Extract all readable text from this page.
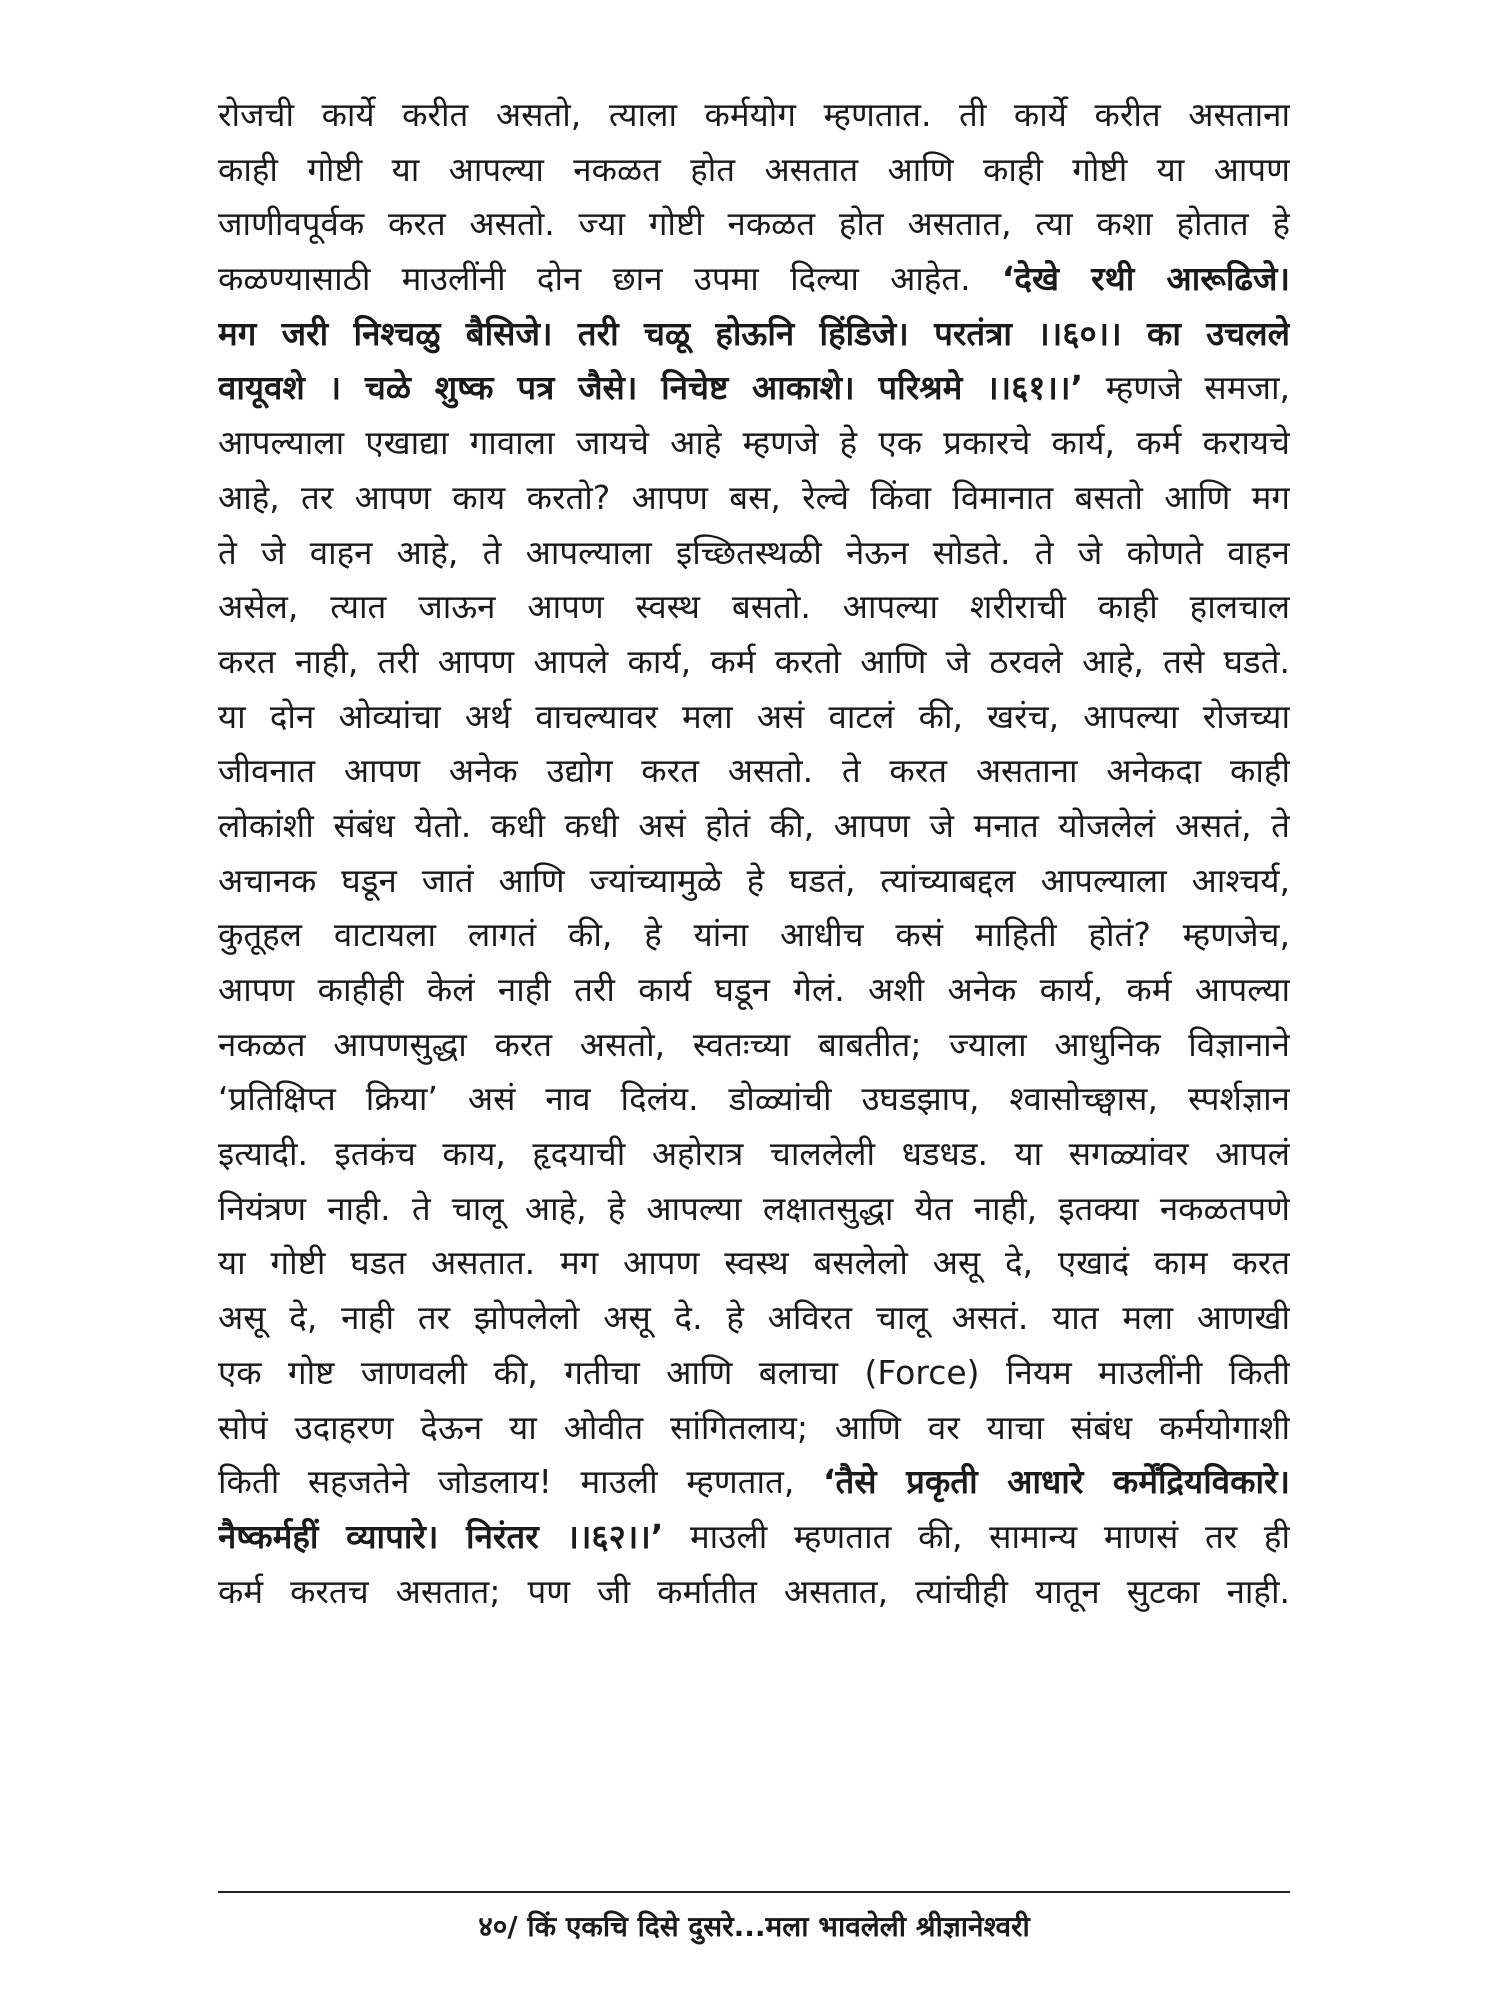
रोजची कार्ये करीत असतो, त्याला कर्मयोग म्हणतात. ती कार्ये करीत असताना
काही गोष्टी या आपल्या नकळत होत असतात आणि काही गोष्टी या आपण
जाणीवपूर्वक करत असतो. ज्या गोष्टी नकळत होत असतात, त्या कशा होतात हे
कळण्यासाठी माउलींनी दोन छान उपमा दिल्या आहेत. ‘देखे रथी आरूढिजे।
मग जरी निश्चळु बैसिजे। तरी चळू होऊनि हिंडिजे। परतंत्रा ।।६०।। का उचलले
वायूवशे । चळे शुष्क पत्र जैसे। निचेष्ट आकाशे। परिश्रमे ।।६१।।’ म्हणजे समजा,
आपल्याला एखाद्या गावाला जायचे आहे म्हणजे हे एक प्रकारचे कार्य, कर्म करायचे
आहे, तर आपण काय करतो? आपण बस, रेल्वे किंवा विमानात बसतो आणि मग
ते जे वाहन आहे, ते आपल्याला इच्छितस्थळी नेऊन सोडते. ते जे कोणते वाहन
असेल, त्यात जाऊन आपण स्वस्थ बसतो. आपल्या शरीराची काही हालचाल
करत नाही, तरी आपण आपले कार्य, कर्म करतो आणि जे ठरवले आहे, तसे घडते.
या दोन ओव्यांचा अर्थ वाचल्यावर मला असं वाटलं की, खरंच, आपल्या रोजच्या
जीवनात आपण अनेक उद्योग करत असतो. ते करत असताना अनेकदा काही
लोकांशी संबंध येतो. कधी कधी असं होतं की, आपण जे मनात योजलेलं असतं, ते
अचानक घडून जातं आणि ज्यांच्यामुळे हे घडतं, त्यांच्याबद्दल आपल्याला आश्चर्य,
कुतूहल वाटायला लागतं की, हे यांना आधीच कसं माहिती होतं? म्हणजेच,
आपण काहीही केलं नाही तरी कार्य घडून गेलं. अशी अनेक कार्य, कर्म आपल्या
नकळत आपणसुद्धा करत असतो, स्वतःच्या बाबतीत; ज्याला आधुनिक विज्ञानाने
‘प्रतिक्षिप्त क्रिया’ असं नाव दिलंय. डोळ्यांची उघडझाप, श्वासोच्छ्वास, स्पर्शज्ञान
इत्यादी. इतकंच काय, हृदयाची अहोरात्र चाललेली धडधड. या सगळ्यांवर आपलं
नियंत्रण नाही. ते चालू आहे, हे आपल्या लक्षातसुद्धा येत नाही, इतक्या नकळतपणे
या गोष्टी घडत असतात. मग आपण स्वस्थ बसलेलो असू दे, एखादं काम करत
असू दे, नाही तर झोपलेलो असू दे. हे अविरत चालू असतं. यात मला आणखी
एक गोष्ट जाणवली की, गतीचा आणि बलाचा (Force) नियम माउलींनी किती
सोपं उदाहरण देऊन या ओवीत सांगितलाय; आणि वर याचा संबंध कर्मयोगाशी
किती सहजतेने जोडलाय! माउली म्हणतात, ‘तैसे प्रकृती आधारे कर्मेंद्रियविकारे।
नैष्कर्महीं व्यापारे। निरंतर ।।६२।।’ माउली म्हणतात की, सामान्य माणसं तर ही
कर्म करतच असतात; पण जी कर्मातीत असतात, त्यांचीही यातून सुटका नाही.
४०/ किं एकचि दिसे दुसरे...मला भावलेली श्रीज्ञानेश्वरी
